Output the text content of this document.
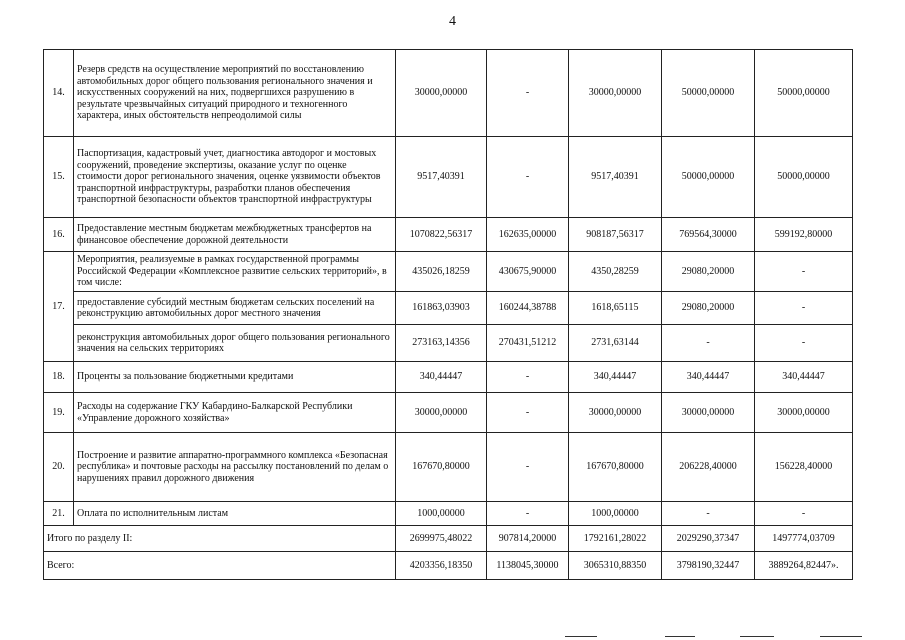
4
14.	Резерв средств на осуществление мероприятий по восстановлению автомобильных дорог общего пользования регионального значения и искусственных сооружений на них, подвергшихся разрушению в результате чрезвычайных ситуаций природного и техногенного характера, иных обстоятельств непреодолимой силы	30000,00000	-	30000,00000	50000,00000	50000,00000
15.	Паспортизация, кадастровый учет, диагностика автодорог и мостовых сооружений, проведение экспертизы, оказание услуг по оценке стоимости дорог регионального значения, оценке уязвимости объектов транспортной инфраструктуры, разработки планов обеспечения транспортной безопасности объектов транспортной инфраструктуры	9517,40391	-	9517,40391	50000,00000	50000,00000
16.	Предоставление местным бюджетам межбюджетных трансфертов на финансовое обеспечение дорожной деятельности	1070822,56317	162635,00000	908187,56317	769564,30000	599192,80000
17.	Мероприятия, реализуемые в рамках государственной программы Российской Федерации «Комплексное развитие сельских территорий», в том числе:	435026,18259	430675,90000	4350,28259	29080,20000	-
	предоставление субсидий местным бюджетам сельских поселений на реконструкцию автомобильных дорог местного значения	161863,03903	160244,38788	1618,65115	29080,20000	-
	реконструкция автомобильных дорог общего пользования регионального значения на сельских территориях	273163,14356	270431,51212	2731,63144	-	-
18.	Проценты за пользование бюджетными кредитами	340,44447	-	340,44447	340,44447	340,44447
19.	Расходы на содержание ГКУ Кабардино-Балкарской Республики «Управление дорожного хозяйства»	30000,00000	-	30000,00000	30000,00000	30000,00000
20.	Построение и развитие аппаратно-программного комплекса «Безопасная республика» и почтовые расходы на рассылку постановлений по делам о нарушениях правил дорожного движения	167670,80000	-	167670,80000	206228,40000	156228,40000
21.	Оплата по исполнительным листам	1000,00000	-	1000,00000	-	-
Итого по разделу II:		2699975,48022	907814,20000	1792161,28022	2029290,37347	1497774,03709
Всего:		4203356,18350	1138045,30000	3065310,88350	3798190,32447	3889264,82447».
